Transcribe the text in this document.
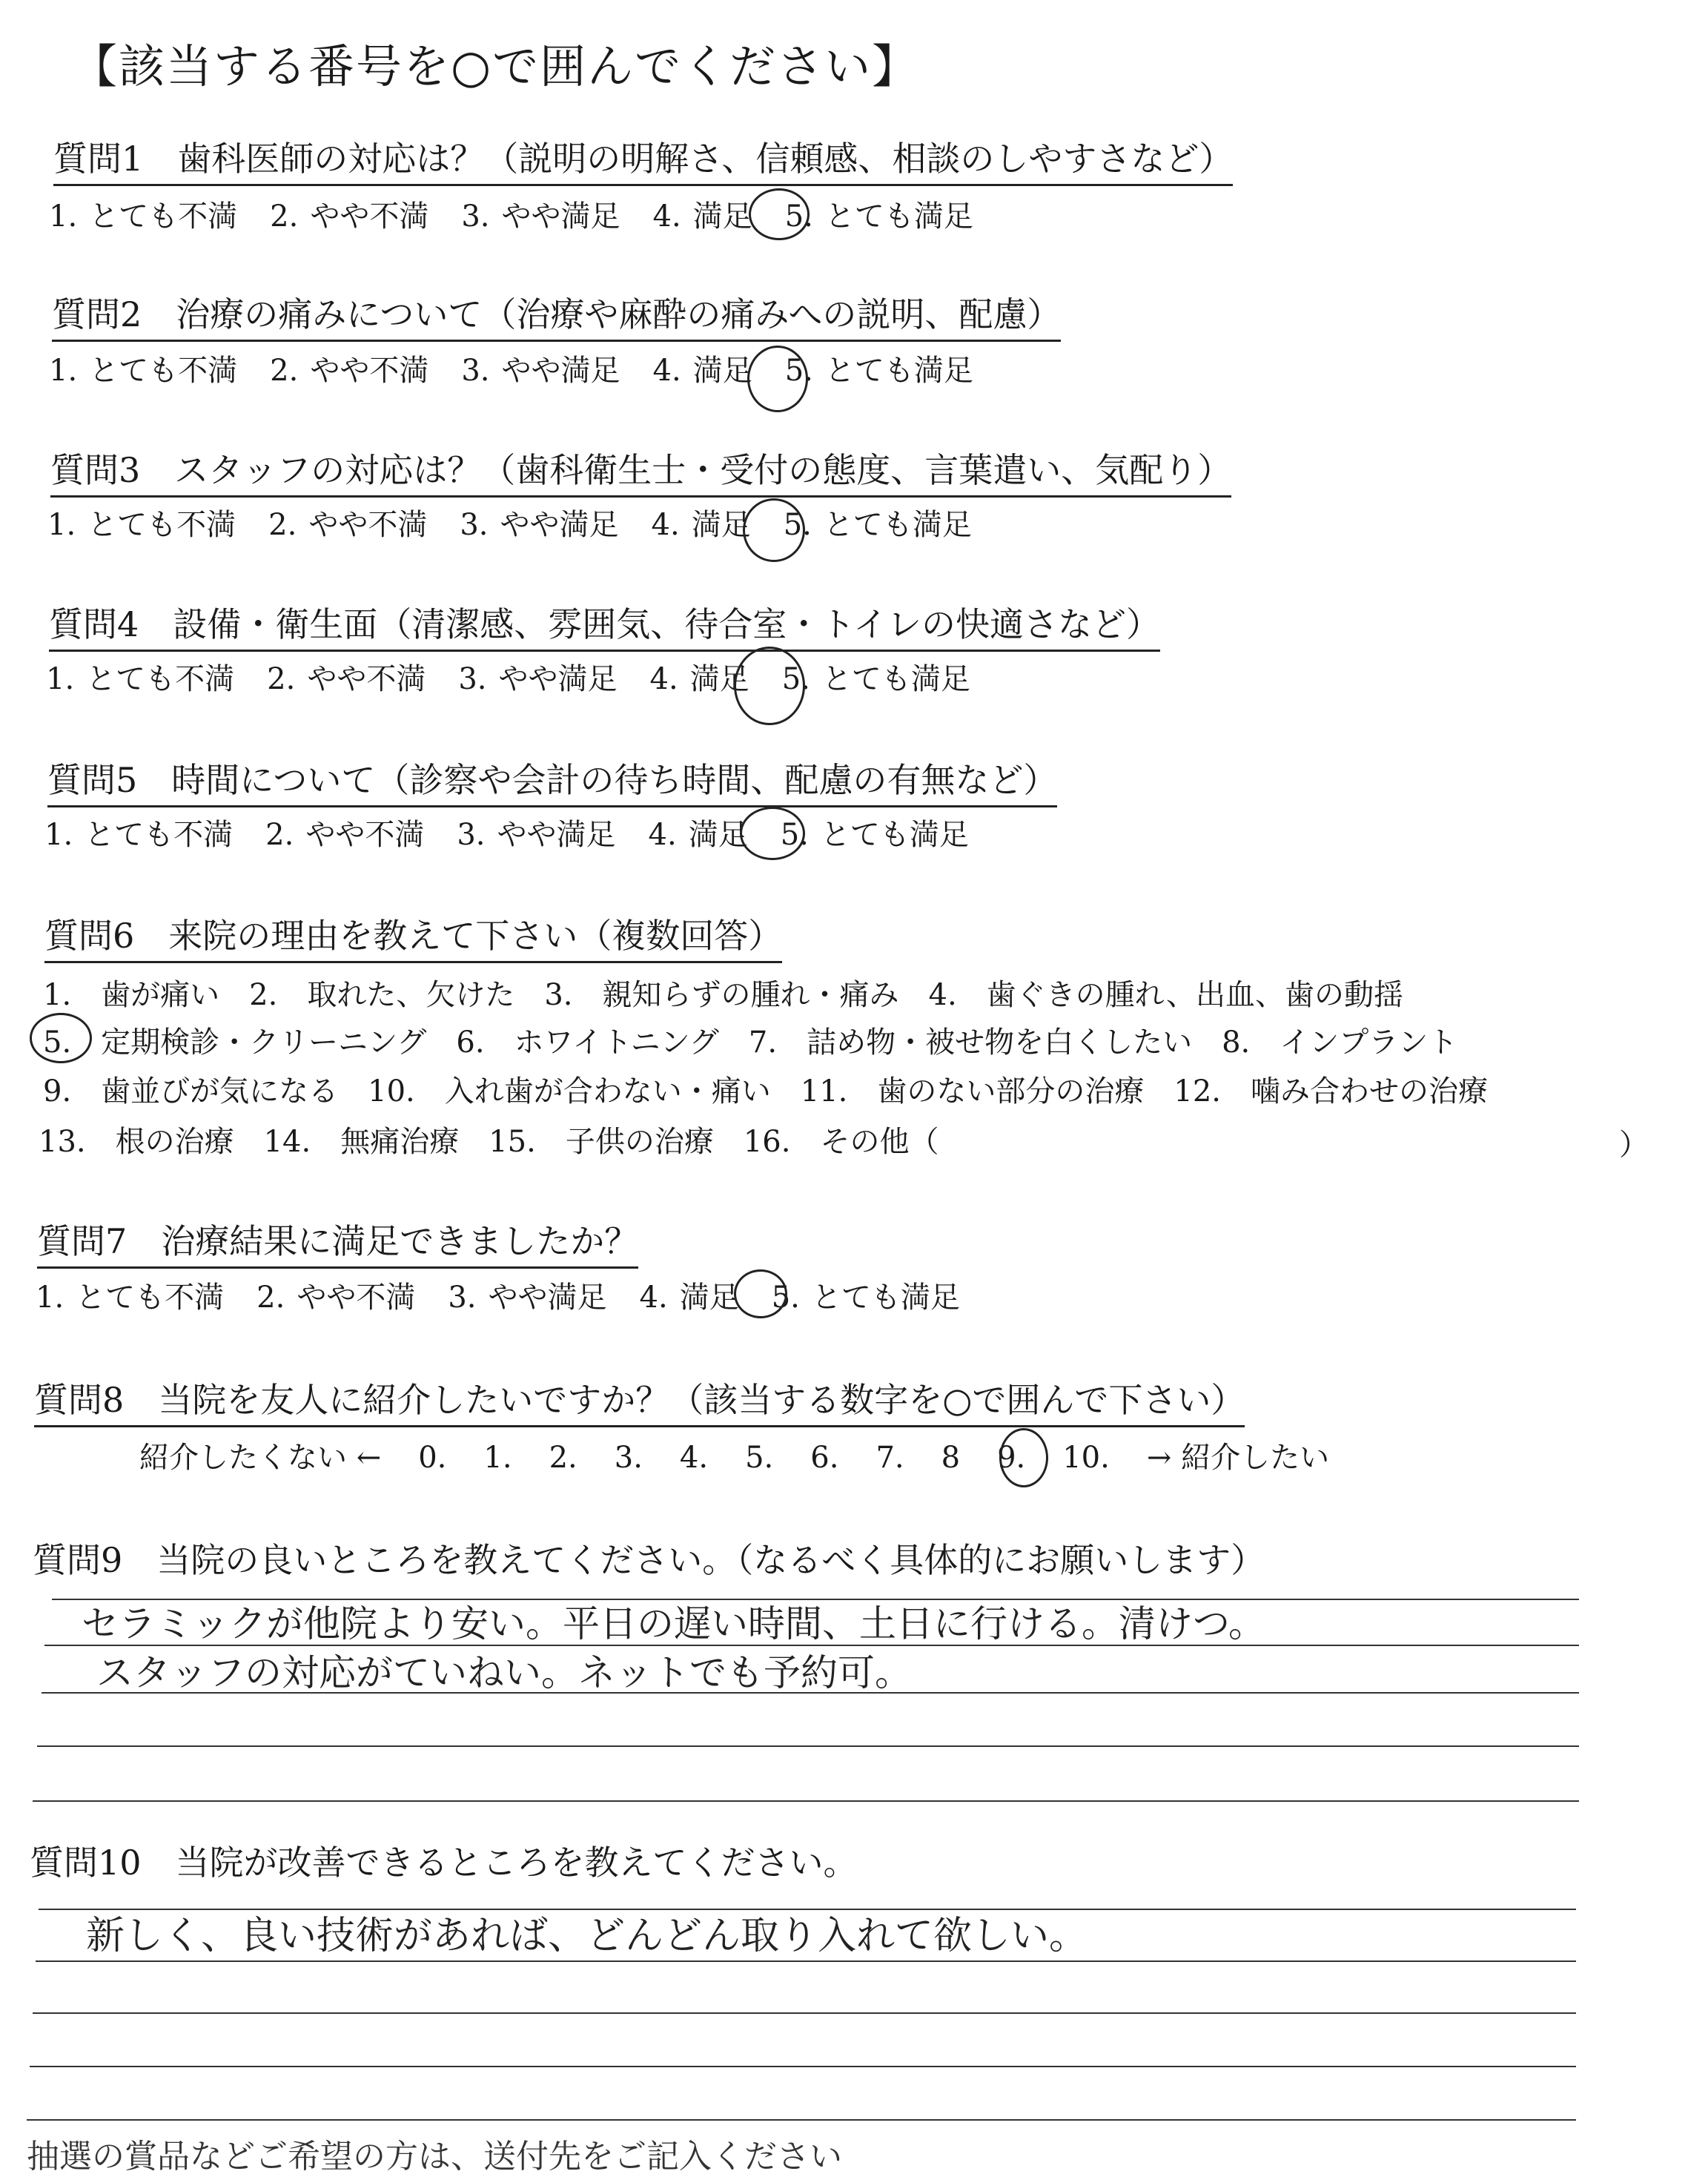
【該当する番号を○で囲んでください】
質問1　歯科医師の対応は？（説明の明解さ、信頼感、相談のしやすさなど）
1. とても不満 2. やや不満 3. やや満足 4. 満足 5. とても満足
質問2　治療の痛みについて（治療や麻酔の痛みへの説明、配慮）
1. とても不満 2. やや不満 3. やや満足 4. 満足 5. とても満足
質問3　スタッフの対応は？（歯科衛生士・受付の態度、言葉遣い、気配り）
1. とても不満 2. やや不満 3. やや満足 4. 満足 5. とても満足
質問4　設備・衛生面（清潔感、雰囲気、待合室・トイレの快適さなど）
1. とても不満 2. やや不満 3. やや満足 4. 満足 5. とても満足
質問5　時間について（診察や会計の待ち時間、配慮の有無など）
1. とても不満 2. やや不満 3. やや満足 4. 満足 5. とても満足
質問6　来院の理由を教えて下さい（複数回答）
1.　歯が痛い　2.　取れた、欠けた　3.　親知らずの腫れ・痛み　4.　歯ぐきの腫れ、出血、歯の動揺
5.　定期検診・クリーニング　6.　ホワイトニング　7.　詰め物・被せ物を白くしたい　8.　インプラント
9.　歯並びが気になる　10.　入れ歯が合わない・痛い　11.　歯のない部分の治療　12.　噛み合わせの治療
13.　根の治療　14.　無痛治療　15.　子供の治療　16.　その他（	）
質問7　治療結果に満足できましたか？
1. とても不満 2. やや不満 3. やや満足 4. 満足 5. とても満足
質問8　当院を友人に紹介したいですか？（該当する数字を○で囲んで下さい）
紹介したくない ← 0. 1. 2. 3. 4. 5. 6. 7. 8 9. 10. → 紹介したい
質問9　当院の良いところを教えてください。（なるべく具体的にお願いします）
セラミックが他院より安い。平日の遅い時間、土日に行ける。清けつ。
スタッフの対応がていねい。ネットでも予約可。
質問10　当院が改善できるところを教えてください。
新しく、良い技術があれば、どんどん取り入れて欲しい。
抽選の賞品などご希望の方は、送付先をご記入ください
